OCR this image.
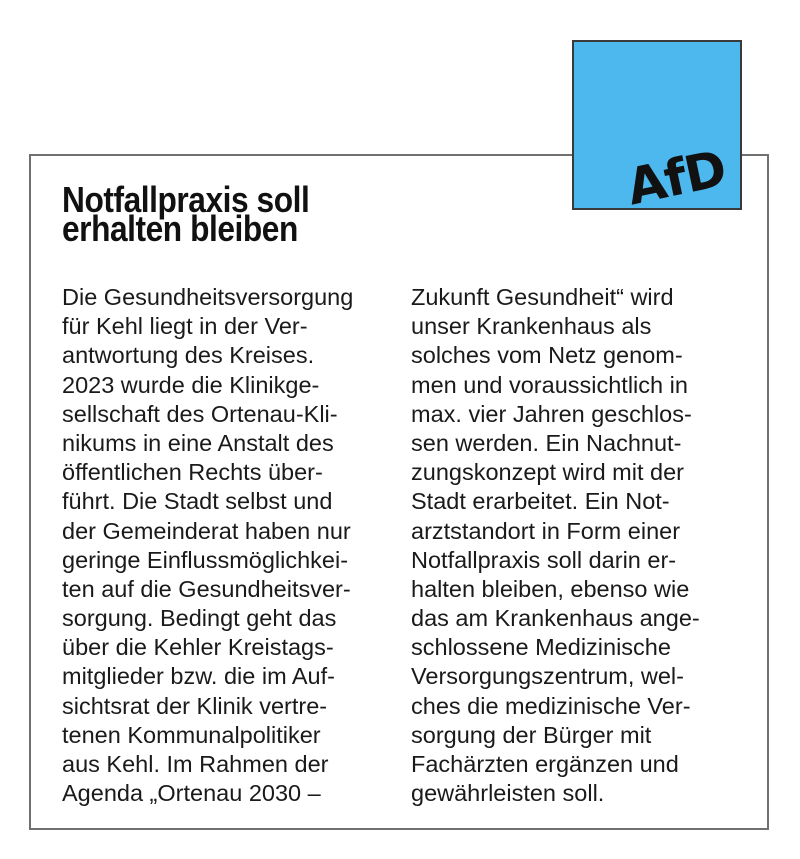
AfD
Notfallpraxis soll
erhalten bleiben
Die Gesundheitsversorgung
für Kehl liegt in der Ver-
antwortung des Kreises.
2023 wurde die Klinikge-
sellschaft des Ortenau-Kli-
nikums in eine Anstalt des
öffentlichen Rechts über-
führt. Die Stadt selbst und
der Gemeinderat haben nur
geringe Einflussmöglichkei-
ten auf die Gesundheitsver-
sorgung. Bedingt geht das
über die Kehler Kreistags-
mitglieder bzw. die im Auf-
sichtsrat der Klinik vertre-
tenen Kommunalpolitiker
aus Kehl. Im Rahmen der
Agenda „Ortenau 2030 –
Zukunft Gesundheit“ wird
unser Krankenhaus als
solches vom Netz genom-
men und voraussichtlich in
max. vier Jahren geschlos-
sen werden. Ein Nachnut-
zungskonzept wird mit der
Stadt erarbeitet. Ein Not-
arztstandort in Form einer
Notfallpraxis soll darin er-
halten bleiben, ebenso wie
das am Krankenhaus ange-
schlossene Medizinische
Versorgungszentrum, wel-
ches die medizinische Ver-
sorgung der Bürger mit
Fachärzten ergänzen und
gewährleisten soll.
